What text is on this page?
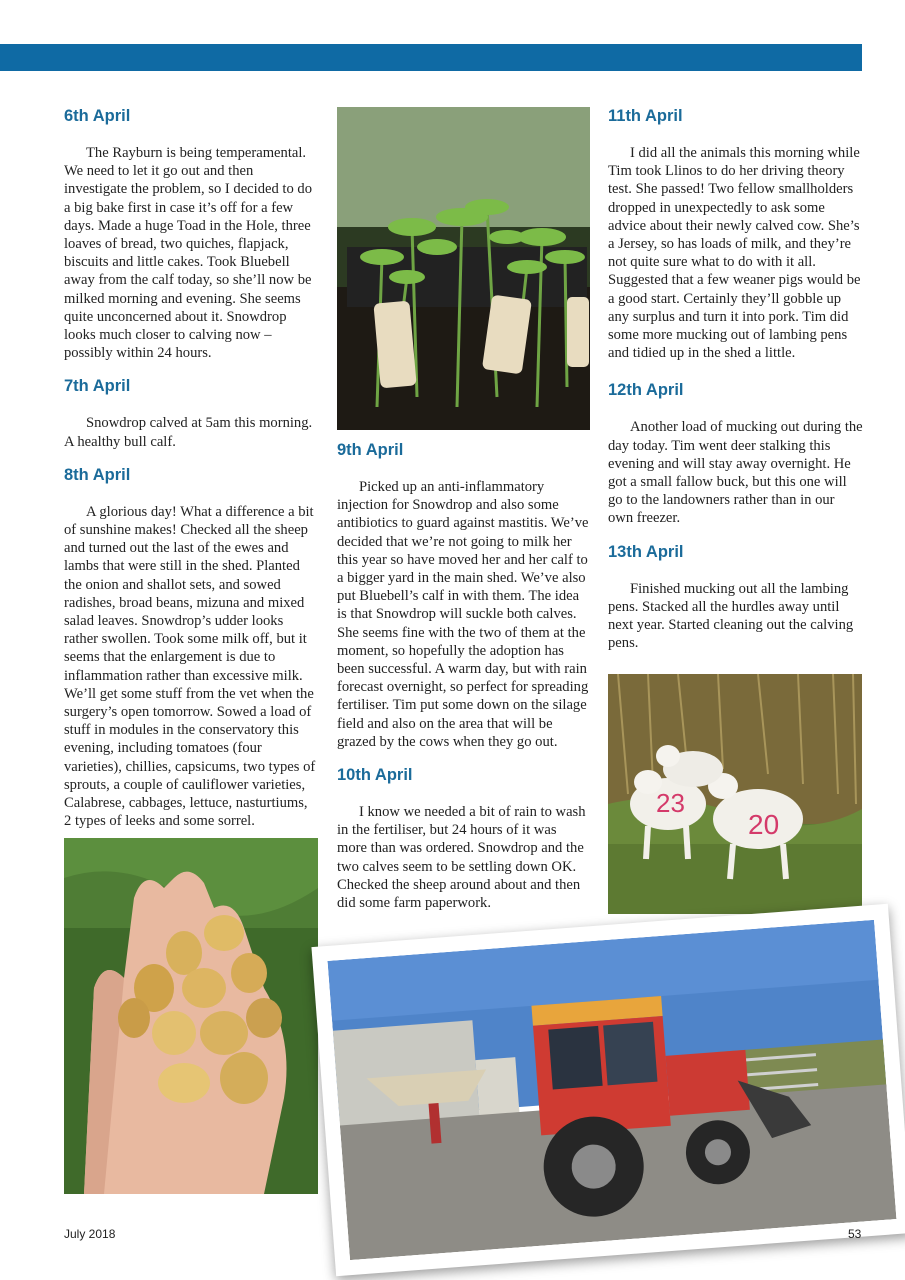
6th April

The Rayburn is being temperamental. We need to let it go out and then investigate the problem, so I decided to do a big bake first in case it’s off for a few days. Made a huge Toad in the Hole, three loaves of bread, two quiches, flapjack, biscuits and little cakes. Took Bluebell away from the calf today, so she’ll now be milked morning and evening. She seems quite unconcerned about it. Snowdrop looks much closer to calving now – possibly within 24 hours.

7th April

Snowdrop calved at 5am this morning. A healthy bull calf.

8th April

A glorious day! What a difference a bit of sunshine makes! Checked all the sheep and turned out the last of the ewes and lambs that were still in the shed. Planted the onion and shallot sets, and sowed radishes, broad beans, mizuna and mixed salad leaves. Snowdrop’s udder looks rather swollen. Took some milk off, but it seems that the enlargement is due to inflammation rather than excessive milk. We’ll get some stuff from the vet when the surgery’s open tomorrow. Sowed a load of stuff in modules in the conservatory this evening, including tomatoes (four varieties), chillies, capsicums, two types of sprouts, a couple of cauliflower varieties, Calabrese, cabbages, lettuce, nasturtiums, 2 types of leeks and some sorrel.

9th April

Picked up an anti-inflammatory injection for Snowdrop and also some antibiotics to guard against mastitis. We’ve decided that we’re not going to milk her this year so have moved her and her calf to a bigger yard in the main shed. We’ve also put Bluebell’s calf in with them. The idea is that Snowdrop will suckle both calves. She seems fine with the two of them at the moment, so hopefully the adoption has been successful. A warm day, but with rain forecast overnight, so perfect for spreading fertiliser. Tim put some down on the silage field and also on the area that will be grazed by the cows when they go out.

10th April

I know we needed a bit of rain to wash in the fertiliser, but 24 hours of it was more than was ordered. Snowdrop and the two calves seem to be settling down OK. Checked the sheep around about and then did some farm paperwork.

11th April

I did all the animals this morning while Tim took Llinos to do her driving theory test. She passed! Two fellow smallholders dropped in unexpectedly to ask some advice about their newly calved cow. She’s a Jersey, so has loads of milk, and they’re not quite sure what to do with it all. Suggested that a few weaner pigs would be a good start. Certainly they’ll gobble up any surplus and turn it into pork. Tim did some more mucking out of lambing pens and tidied up in the shed a little.

12th April

Another load of mucking out during the day today. Tim went deer stalking this evening and will stay away overnight. He got a small fallow buck, but this one will go to the landowners rather than in our own freezer.

13th April

Finished mucking out all the lambing pens. Stacked all the hurdles away until next year. Started cleaning out the calving pens.

23
20
July 2018	53
